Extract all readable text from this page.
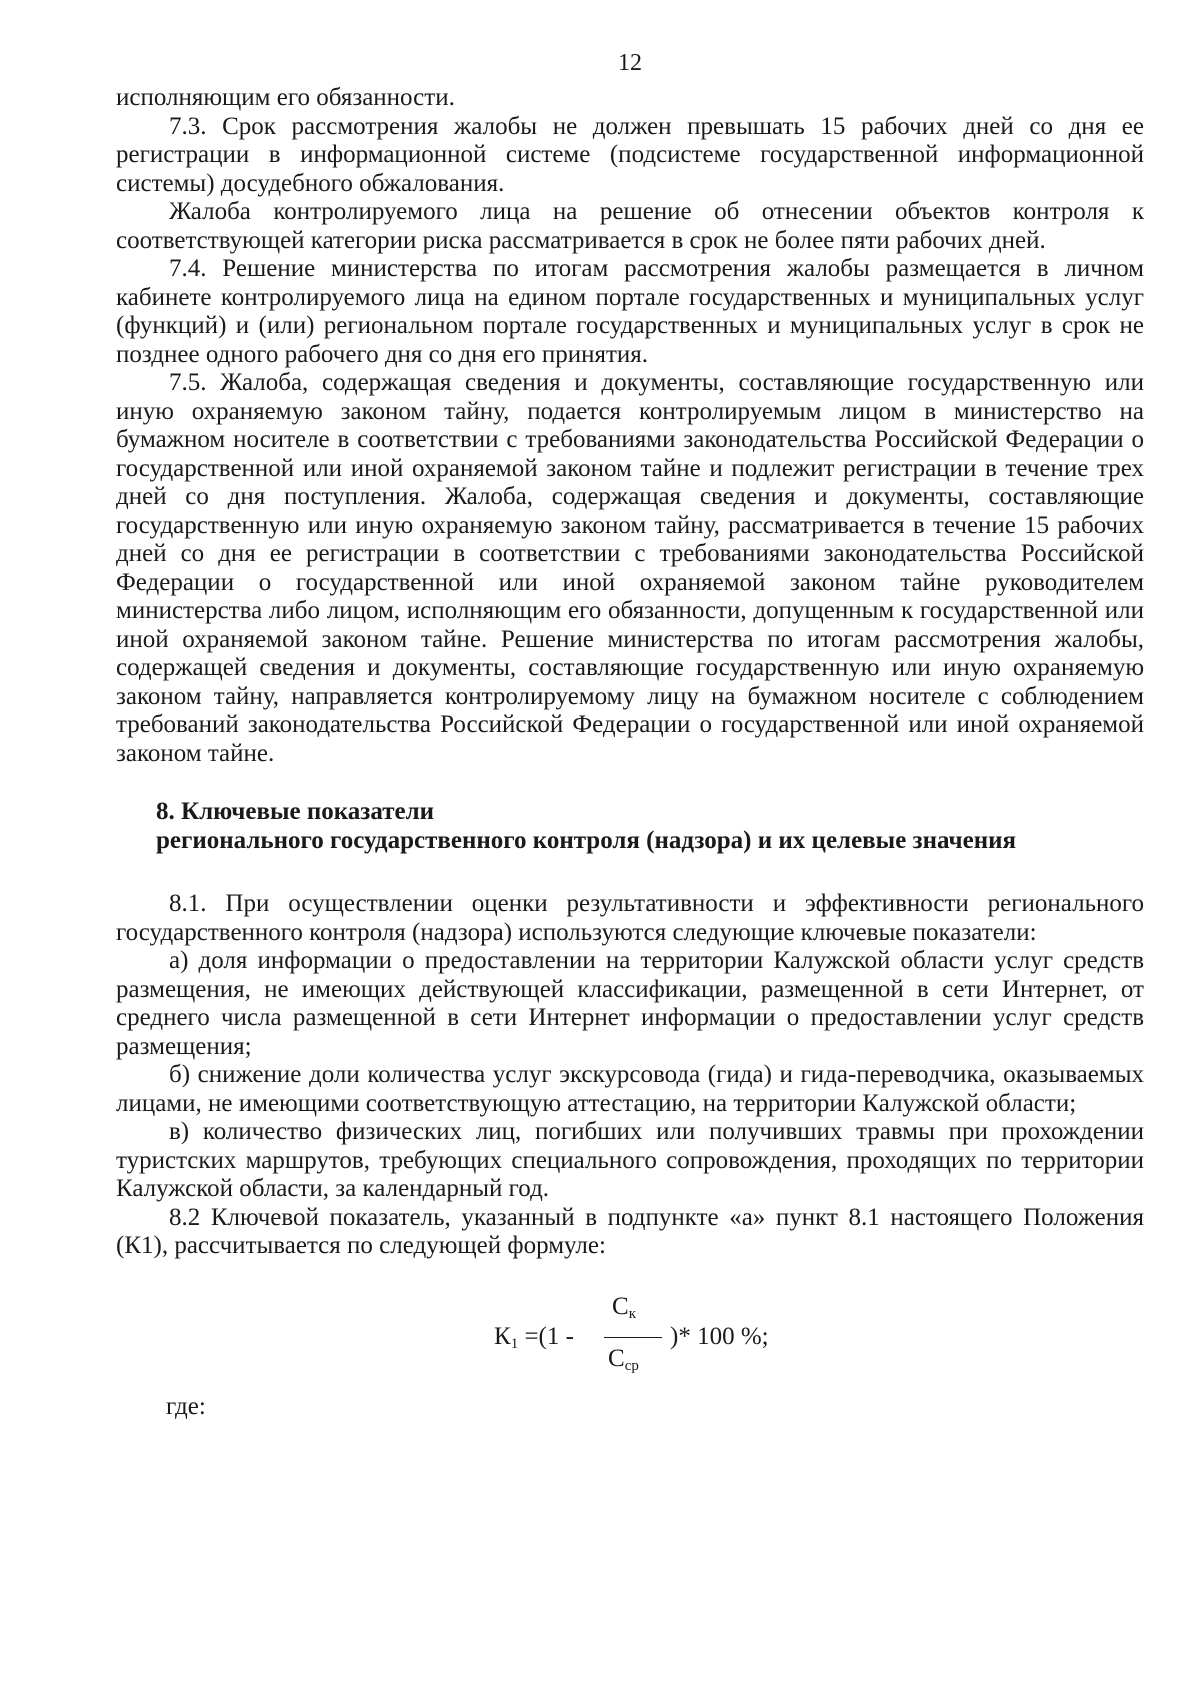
12

исполняющим его обязанности.

7.3. Срок рассмотрения жалобы не должен превышать 15 рабочих дней со дня ее регистрации в информационной системе (подсистеме государственной информационной системы) досудебного обжалования.

Жалоба контролируемого лица на решение об отнесении объектов контроля к соответствующей категории риска рассматривается в срок не более пяти рабочих дней.

7.4. Решение министерства по итогам рассмотрения жалобы размещается в личном кабинете контролируемого лица на едином портале государственных и муниципальных услуг (функций) и (или) региональном портале государственных и муниципальных услуг в срок не позднее одного рабочего дня со дня его принятия.

7.5. Жалоба, содержащая сведения и документы, составляющие государственную или иную охраняемую законом тайну, подается контролируемым лицом в министерство на бумажном носителе в соответствии с требованиями законодательства Российской Федерации о государственной или иной охраняемой законом тайне и подлежит регистрации в течение трех дней со дня поступления. Жалоба, содержащая сведения и документы, составляющие государственную или иную охраняемую законом тайну, рассматривается в течение 15 рабочих дней со дня ее регистрации в соответствии с требованиями законодательства Российской Федерации о государственной или иной охраняемой законом тайне руководителем министерства либо лицом, исполняющим его обязанности, допущенным к государственной или иной охраняемой законом тайне. Решение министерства по итогам рассмотрения жалобы, содержащей сведения и документы, составляющие государственную или иную охраняемую законом тайну, направляется контролируемому лицу на бумажном носителе с соблюдением требований законодательства Российской Федерации о государственной или иной охраняемой законом тайне.

8. Ключевые показатели

регионального государственного контроля (надзора) и их целевые значения

8.1. При осуществлении оценки результативности и эффективности регионального государственного контроля (надзора) используются следующие ключевые показатели:

а) доля информации о предоставлении на территории Калужской области услуг средств размещения, не имеющих действующей классификации, размещенной в сети Интернет, от среднего числа размещенной в сети Интернет информации о предоставлении услуг средств размещения;

б) снижение доли количества услуг экскурсовода (гида) и гида-переводчика, оказываемых лицами, не имеющими соответствующую аттестацию, на территории Калужской области;

в) количество физических лиц, погибших или получивших травмы при прохождении туристских маршрутов, требующих специального сопровождения, проходящих по территории Калужской области, за календарный год.

8.2 Ключевой показатель, указанный в подпункте «а» пункт 8.1 настоящего Положения (К1), рассчитывается по следующей формуле:

$К_1 =(1$ -
$С_к$
$С_{ср}$
)* 100 %;

где:
